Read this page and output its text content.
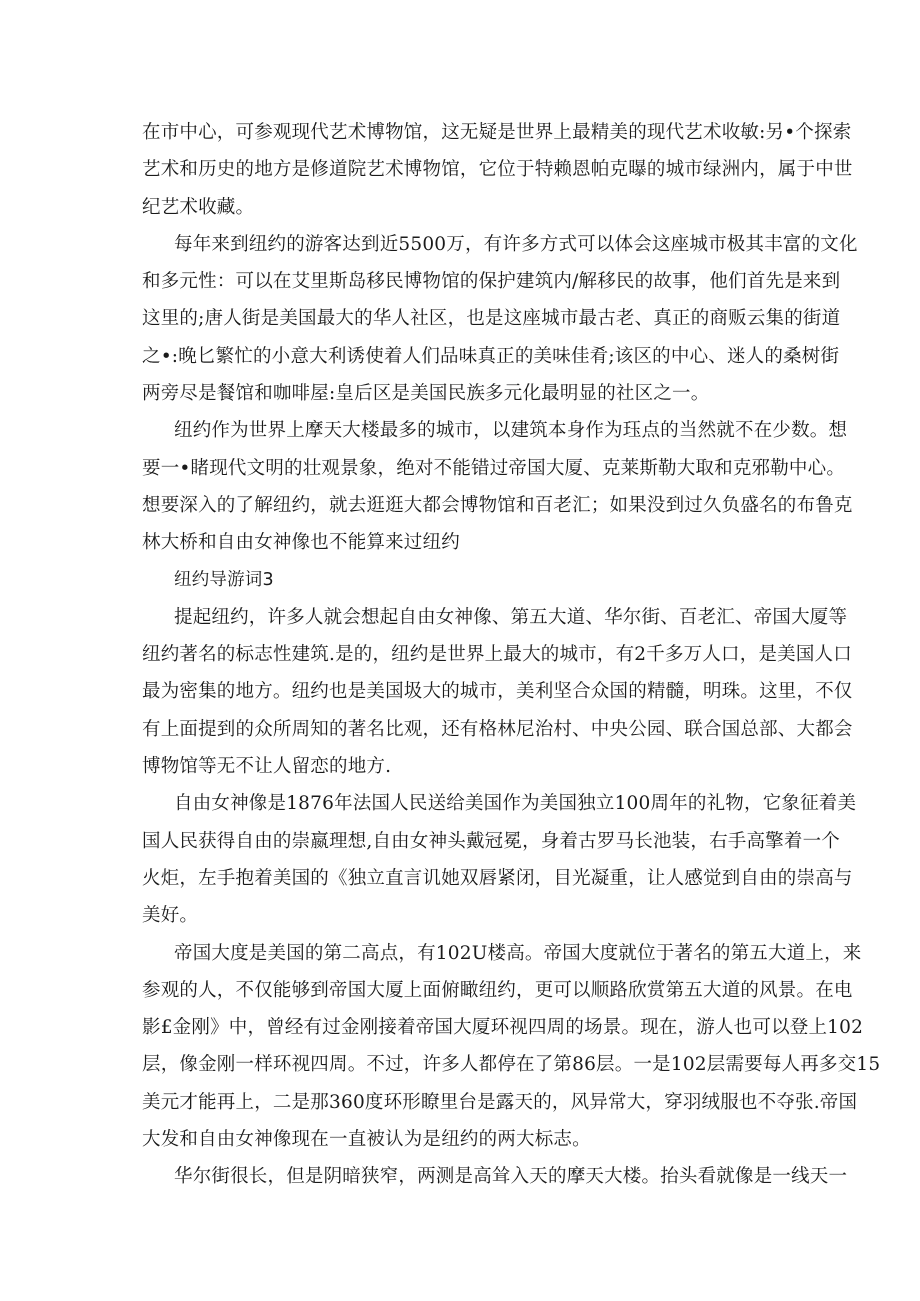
在市中心，可参观现代艺术博物馆，这无疑是世界上最精美的现代艺术收敏:另•个探索
艺术和历史的地方是修道院艺术博物馆，它位于特赖恩帕克曝的城市绿洲内，属于中世
纪艺术收藏。
每年来到纽约的游客达到近5500万，有许多方式可以体会这座城市极其丰富的文化
和多元性：可以在艾里斯岛移民博物馆的保护建筑内/解移民的故事，他们首先是来到
这里的;唐人街是美国最大的华人社区，也是这座城市最古老、真正的商贩云集的街道
之•:晚匕繁忙的小意大利诱使着人们品味真正的美味佳肴;该区的中心、迷人的桑树街
两旁尽是餐馆和咖啡屋:皇后区是美国民族多元化最明显的社区之一。
纽约作为世界上摩天大楼最多的城市，以建筑本身作为珏点的当然就不在少数。想
要一•睹现代文明的壮观景象，绝对不能错过帝国大厦、克莱斯勒大取和克邪勒中心。
想要深入的了解纽约，就去逛逛大都会博物馆和百老汇；如果没到过久负盛名的布鲁克
林大桥和自由女神像也不能算来过纽约
纽约导游词3
提起纽约，许多人就会想起自由女神像、第五大道、华尔街、百老汇、帝国大厦等
纽约著名的标志性建筑.是的，纽约是世界上最大的城市，有2千多万人口，是美国人口
最为密集的地方。纽约也是美国圾大的城市，美利坚合众国的精髓，明珠。这里，不仅
有上面提到的众所周知的著名比观，还有格林尼治村、中央公园、联合国总部、大都会
博物馆等无不让人留恋的地方.
自由女神像是1876年法国人民送给美国作为美国独立100周年的礼物，它象征着美
国人民获得自由的崇嬴理想,自由女神头戴冠冕，身着古罗马长池装，右手高擎着一个
火炬，左手抱着美国的《独立直言讥她双唇紧闭，目光凝重，让人感觉到自由的崇高与
美好。
帝国大度是美国的第二高点，有102U楼高。帝国大度就位于著名的第五大道上，来
参观的人，不仅能够到帝国大厦上面俯瞰纽约，更可以顺路欣赏第五大道的风景。在电
影£金刚》中，曾经有过金刚接着帝国大厦环视四周的场景。现在，游人也可以登上102
层，像金刚一样环视四周。不过，许多人都停在了第86层。一是102层需要每人再多交15
美元才能再上，二是那360度环形瞭里台是露天的，风异常大，穿羽绒服也不夺张.帝国
大发和自由女神像现在一直被认为是纽约的两大标志。
华尔街很长，但是阴暗狭窄，两测是高耸入天的摩天大楼。抬头看就像是一线天一
